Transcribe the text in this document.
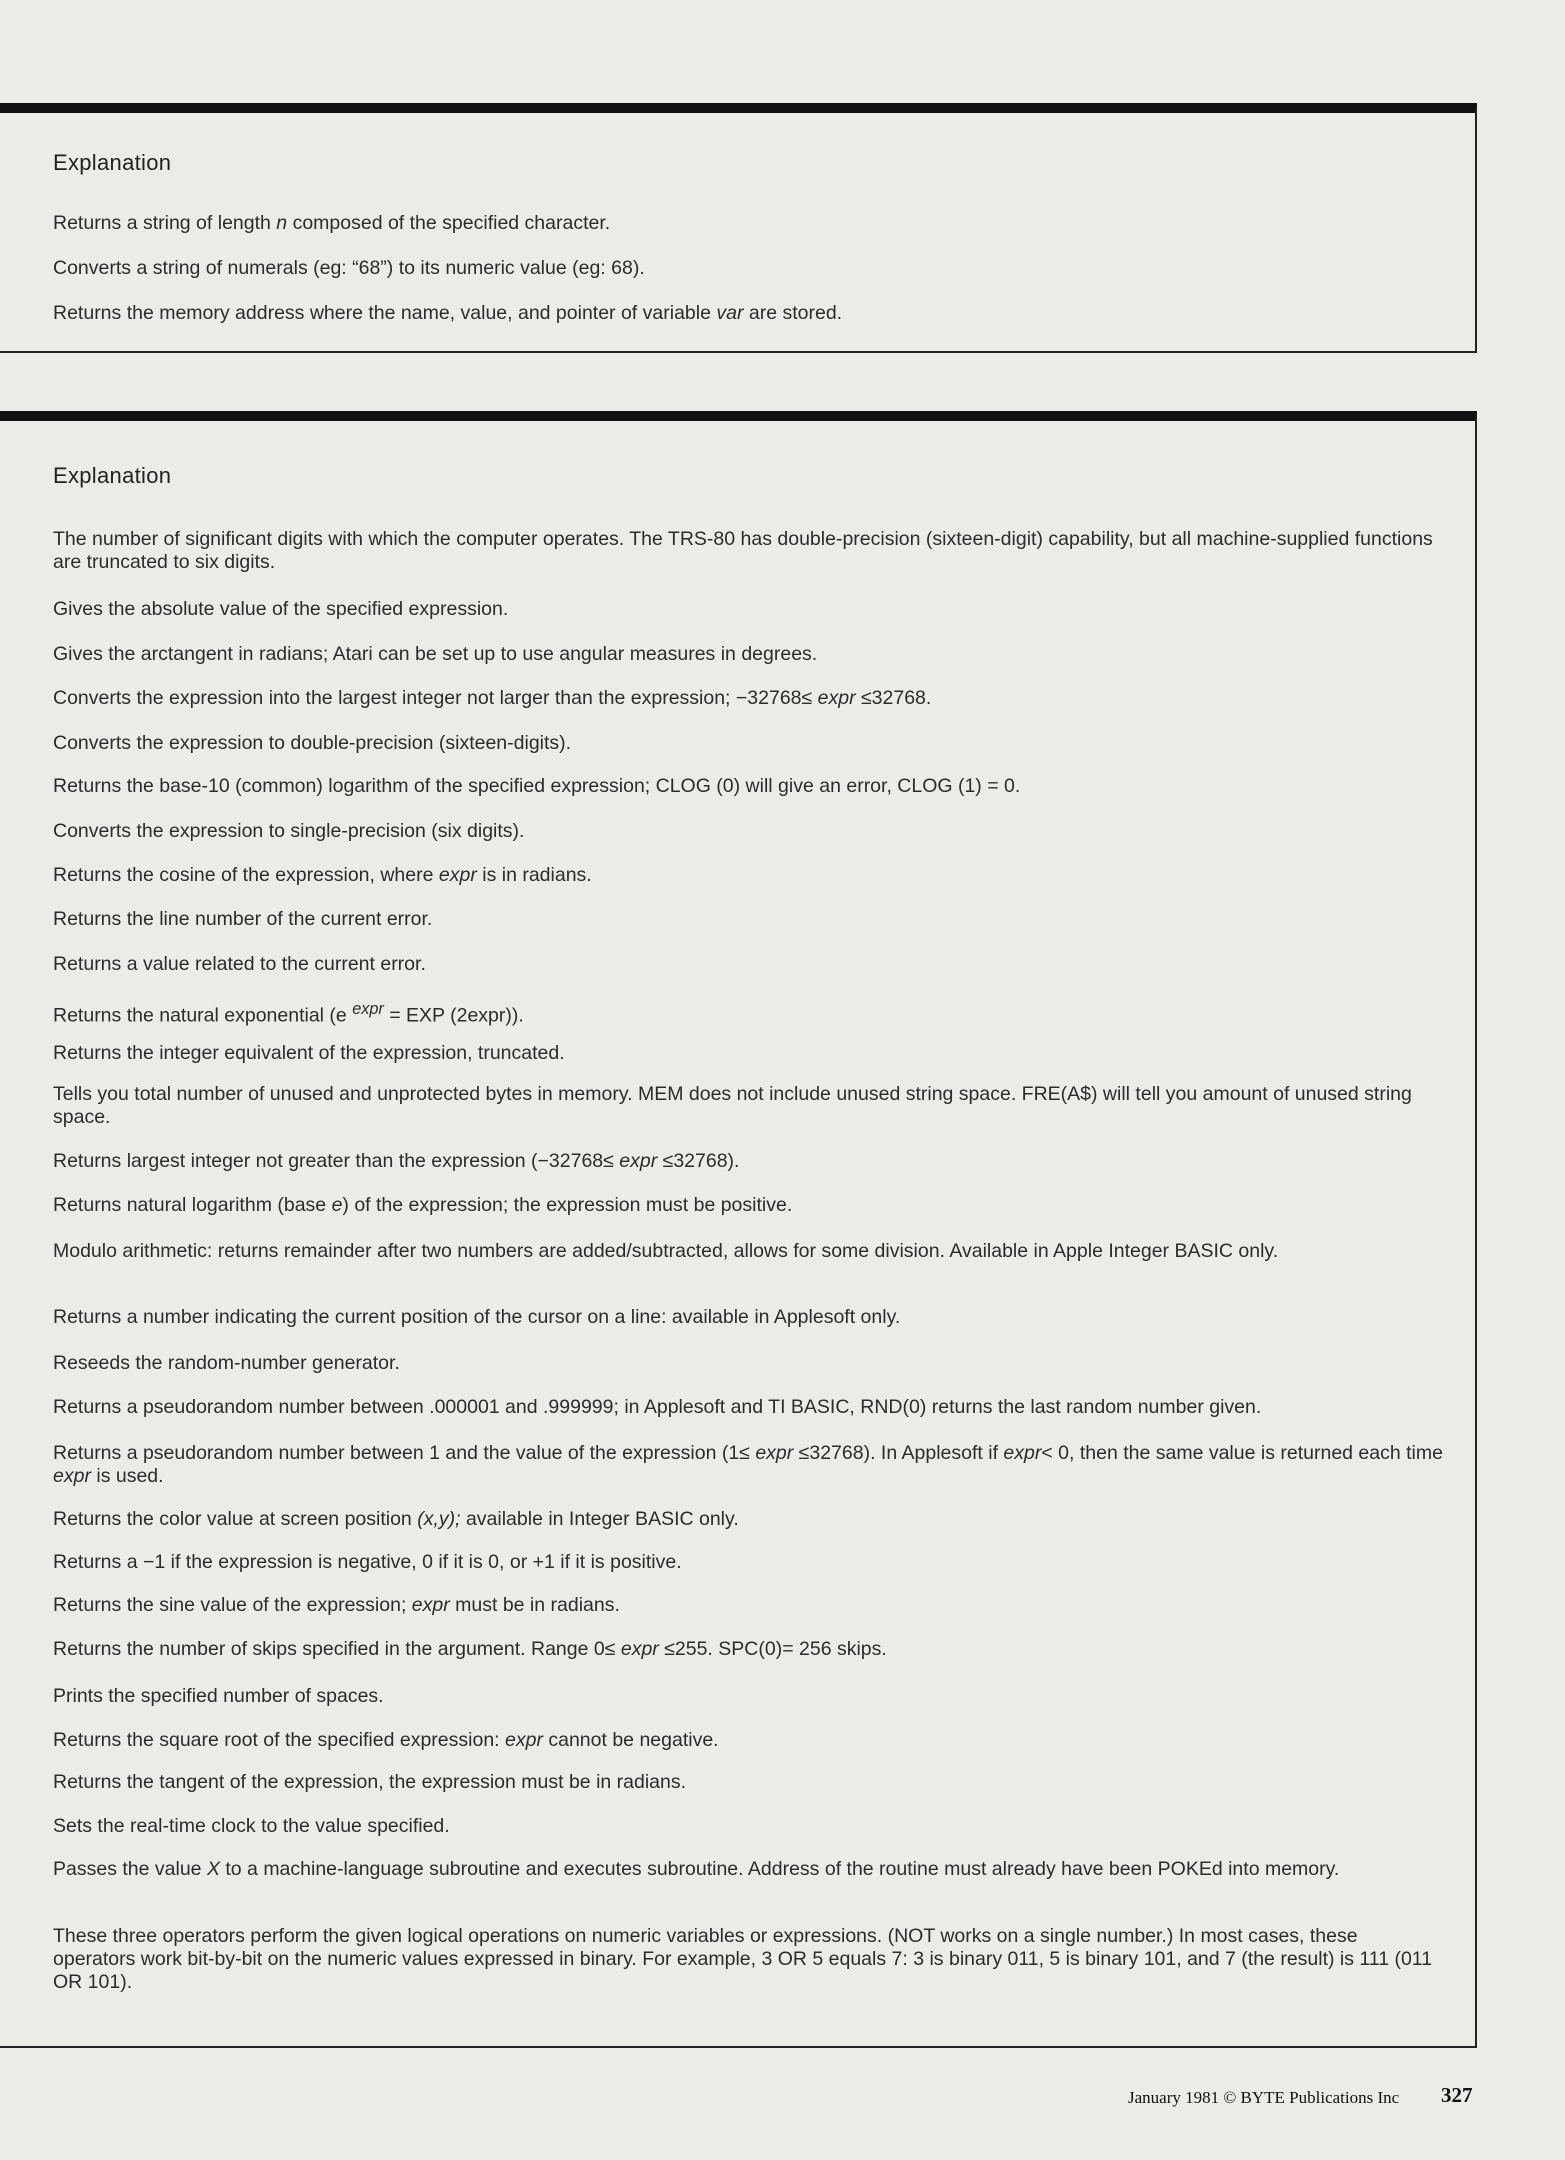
Explanation
Returns a string of length n composed of the specified character.
Converts a string of numerals (eg: “68”) to its numeric value (eg: 68).
Returns the memory address where the name, value, and pointer of variable var are stored.
Explanation
The number of significant digits with which the computer operates. The TRS-80 has double-precision (sixteen-digit) capability, but all machine-supplied functions are truncated to six digits.
Gives the absolute value of the specified expression.
Gives the arctangent in radians; Atari can be set up to use angular measures in degrees.
Converts the expression into the largest integer not larger than the expression; −32768≤ expr ≤32768.
Converts the expression to double-precision (sixteen-digits).
Returns the base-10 (common) logarithm of the specified expression; CLOG (0) will give an error, CLOG (1) = 0.
Converts the expression to single-precision (six digits).
Returns the cosine of the expression, where expr is in radians.
Returns the line number of the current error.
Returns a value related to the current error.
Returns the natural exponential (e $^{expr}$ = EXP (2expr)).
Returns the integer equivalent of the expression, truncated.
Tells you total number of unused and unprotected bytes in memory. MEM does not include unused string space. FRE(A$) will tell you amount of unused string space.
Returns largest integer not greater than the expression (−32768≤ expr ≤32768).
Returns natural logarithm (base e) of the expression; the expression must be positive.
Modulo arithmetic: returns remainder after two numbers are added/subtracted, allows for some division. Available in Apple Integer BASIC only.
Returns a number indicating the current position of the cursor on a line: available in Applesoft only.
Reseeds the random-number generator.
Returns a pseudorandom number between .000001 and .999999; in Applesoft and TI BASIC, RND(0) returns the last random number given.
Returns a pseudorandom number between 1 and the value of the expression (1≤ expr ≤32768). In Applesoft if expr< 0, then the same value is returned each time expr is used.
Returns the color value at screen position (x,y); available in Integer BASIC only.
Returns a −1 if the expression is negative, 0 if it is 0, or +1 if it is positive.
Returns the sine value of the expression; expr must be in radians.
Returns the number of skips specified in the argument. Range 0≤ expr ≤255. SPC(0)= 256 skips.
Prints the specified number of spaces.
Returns the square root of the specified expression: expr cannot be negative.
Returns the tangent of the expression, the expression must be in radians.
Sets the real-time clock to the value specified.
Passes the value X to a machine-language subroutine and executes subroutine. Address of the routine must already have been POKEd into memory.
These three operators perform the given logical operations on numeric variables or expressions. (NOT works on a single number.) In most cases, these operators work bit-by-bit on the numeric values expressed in binary. For example, 3 OR 5 equals 7: 3 is binary 011, 5 is binary 101, and 7 (the result) is 111 (011 OR 101).
January 1981 © BYTE Publications Inc 327
